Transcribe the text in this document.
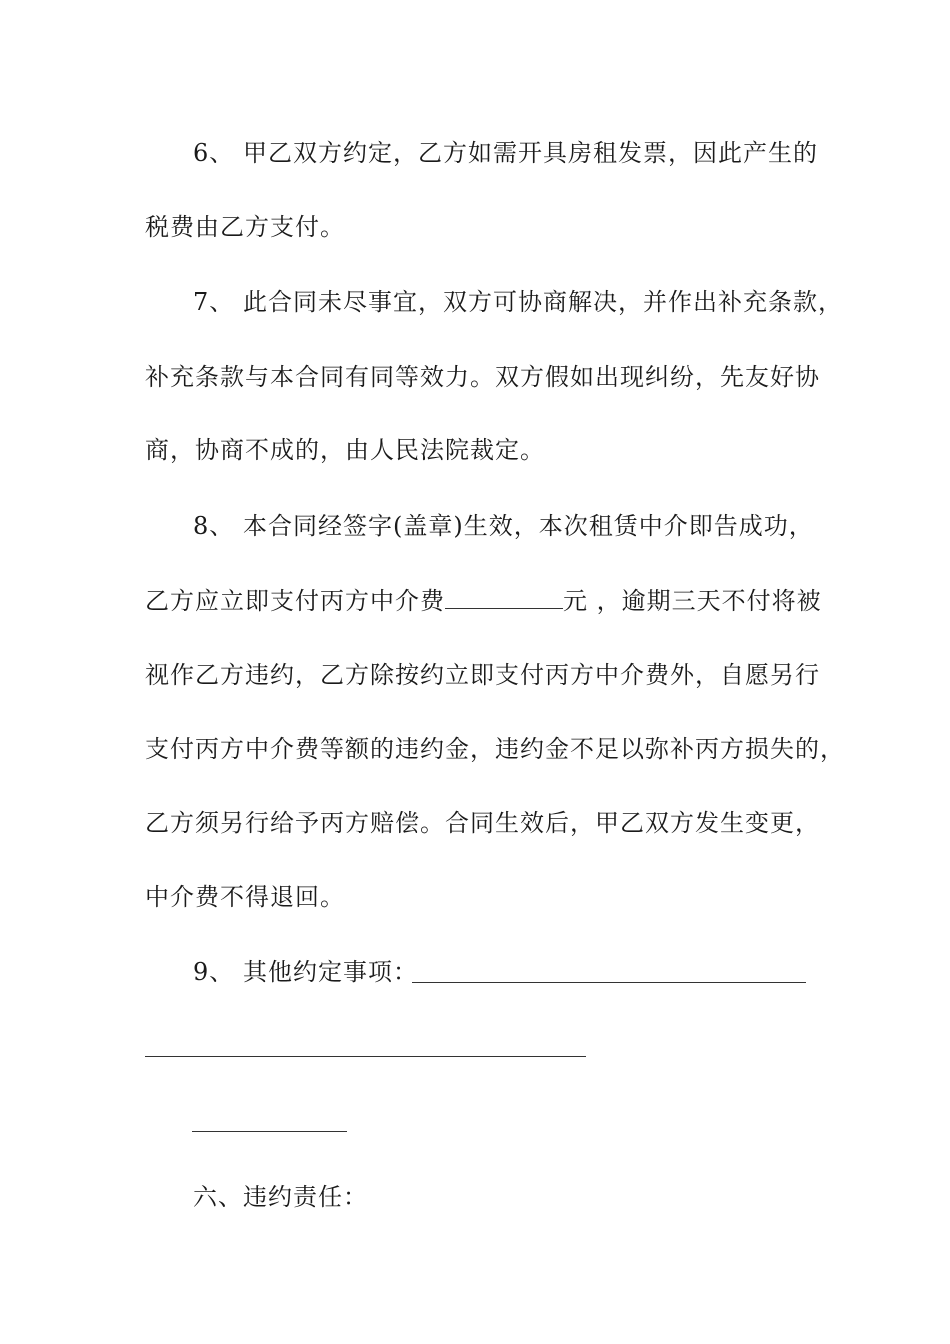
6、 甲乙双方约定，乙方如需开具房租发票，因此产生的
税费由乙方支付。
7、 此合同未尽事宜，双方可协商解决，并作出补充条款，
补充条款与本合同有同等效力。双方假如出现纠纷，先友好协
商，协商不成的，由人民法院裁定。
8、 本合同经签字(盖章)生效，本次租赁中介即告成功，
乙方应立即支付丙方中介费	元 ，逾期三天不付将被
视作乙方违约，乙方除按约立即支付丙方中介费外，自愿另行
支付丙方中介费等额的违约金，违约金不足以弥补丙方损失的，
乙方须另行给予丙方赔偿。合同生效后，甲乙双方发生变更，
中介费不得退回。
9、 其他约定事项：
六、违约责任：
